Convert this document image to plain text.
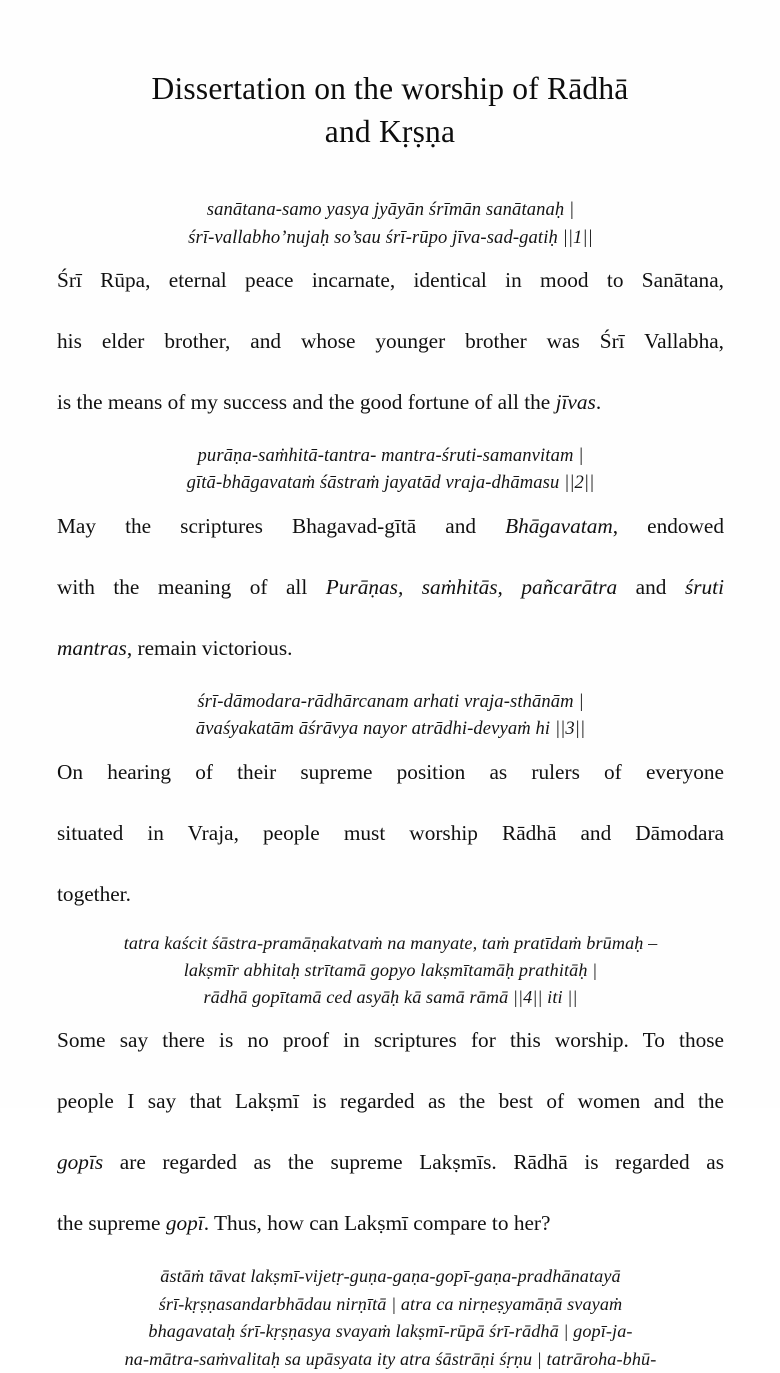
Dissertation on the worship of Rādhā
and Kṛṣṇa
sanātana-samo yasya jyāyān śrīmān sanātanaḥ |
śrī-vallabho’nujaḥ so’sau śrī-rūpo jīva-sad-gatiḥ ||1||

Śrī Rūpa, eternal peace incarnate, identical in mood to Sanātana,
his elder brother, and whose younger brother was Śrī Vallabha,
is the means of my success and the good fortune of all the jīvas.

purāṇa-saṁhitā-tantra- mantra-śruti-samanvitam |
gītā-bhāgavataṁ śāstraṁ jayatād vraja-dhāmasu ||2||

May the scriptures Bhagavad-gītā and Bhāgavatam, endowed
with the meaning of all Purāṇas, saṁhitās, pañcarātra and śruti
mantras, remain victorious.

śrī-dāmodara-rādhārcanam arhati vraja-sthānām |
āvaśyakatām āśrāvya nayor atrādhi-devyaṁ hi ||3||

On hearing of their supreme position as rulers of everyone
situated in Vraja, people must worship Rādhā and Dāmodara
together.

tatra kaścit śāstra-pramāṇakatvaṁ na manyate, taṁ pratīdaṁ brūmaḥ –
lakṣmīr abhitaḥ strītamā gopyo lakṣmītamāḥ prathitāḥ |
rādhā gopītamā ced asyāḥ kā samā rāmā ||4|| iti ||

Some say there is no proof in scriptures for this worship. To those
people I say that Lakṣmī is regarded as the best of women and the
gopīs are regarded as the supreme Lakṣmīs. Rādhā is regarded as
the supreme gopī. Thus, how can Lakṣmī compare to her?

āstāṁ tāvat lakṣmī-vijetṛ-guṇa-gaṇa-gopī-gaṇa-pradhānatayā
śrī-kṛṣṇasandarbhādau nirṇītā | atra ca nirṇeṣyamāṇā svayaṁ
bhagavataḥ śrī-kṛṣṇasya svayaṁ lakṣmī-rūpā śrī-rādhā | gopī-ja-
na-mātra-saṁvalitaḥ sa upāsyata ity atra śāstrāṇi śṛṇu | tatrāroha-bhū-
